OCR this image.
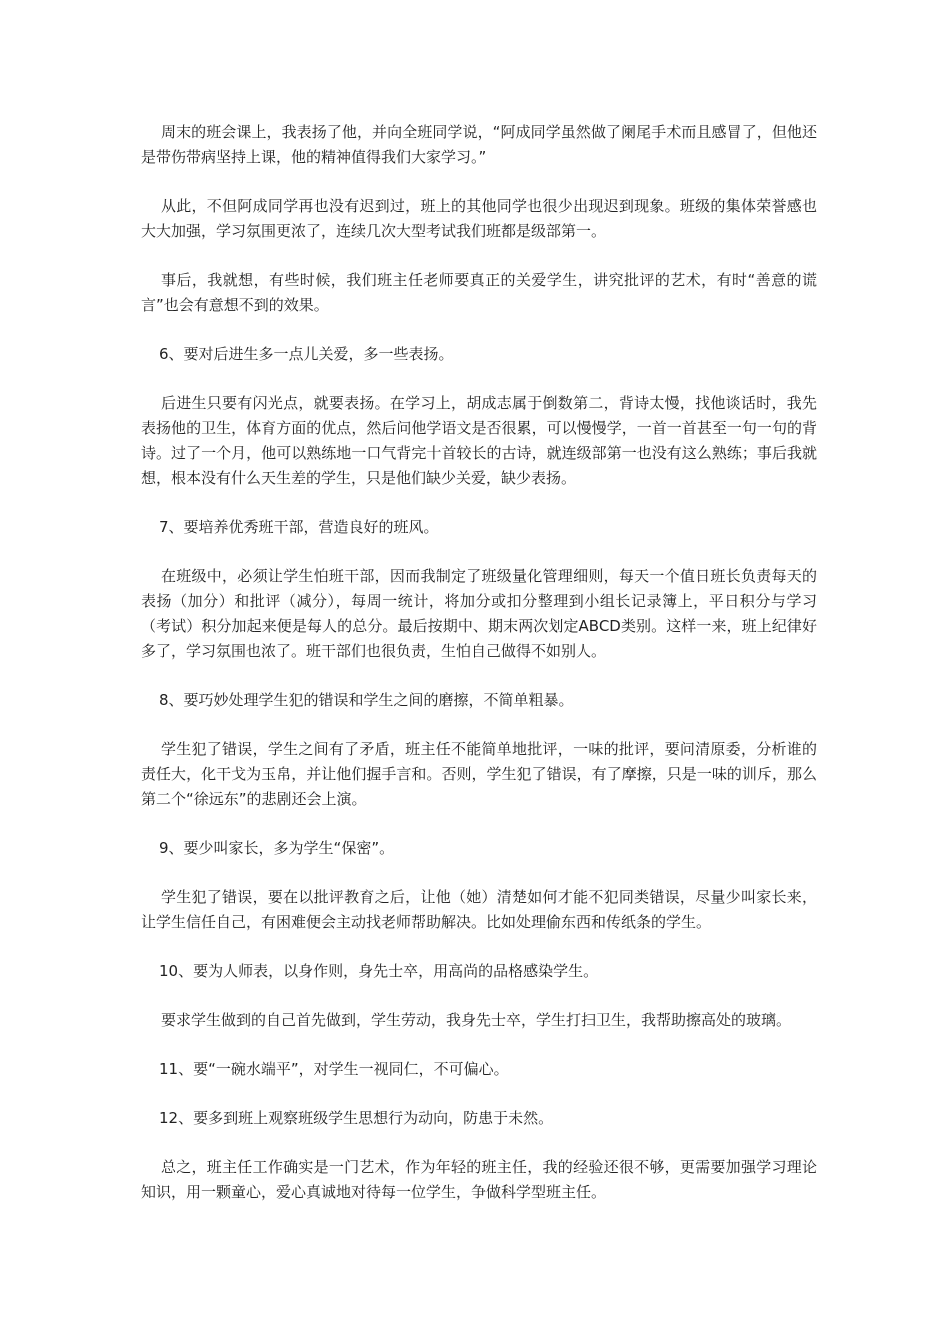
周末的班会课上，我表扬了他，并向全班同学说，“阿成同学虽然做了阑尾手术而且感冒了，但他还是带伤带病坚持上课，他的精神值得我们大家学习。”

从此，不但阿成同学再也没有迟到过，班上的其他同学也很少出现迟到现象。班级的集体荣誉感也大大加强，学习氛围更浓了，连续几次大型考试我们班都是级部第一。

事后，我就想，有些时候，我们班主任老师要真正的关爱学生，讲究批评的艺术，有时“善意的谎言”也会有意想不到的效果。

6、要对后进生多一点儿关爱，多一些表扬。

后进生只要有闪光点，就要表扬。在学习上，胡成志属于倒数第二，背诗太慢，找他谈话时，我先表扬他的卫生，体育方面的优点，然后问他学语文是否很累，可以慢慢学，一首一首甚至一句一句的背诗。过了一个月，他可以熟练地一口气背完十首较长的古诗，就连级部第一也没有这么熟练；事后我就想，根本没有什么天生差的学生，只是他们缺少关爱，缺少表扬。

7、要培养优秀班干部，营造良好的班风。

在班级中，必须让学生怕班干部，因而我制定了班级量化管理细则，每天一个值日班长负责每天的表扬（加分）和批评（减分），每周一统计，将加分或扣分整理到小组长记录簿上，平日积分与学习（考试）积分加起来便是每人的总分。最后按期中、期末两次划定ABCD类别。这样一来，班上纪律好多了，学习氛围也浓了。班干部们也很负责，生怕自己做得不如别人。

8、要巧妙处理学生犯的错误和学生之间的磨擦，不简单粗暴。

学生犯了错误，学生之间有了矛盾，班主任不能简单地批评，一味的批评，要问清原委，分析谁的责任大，化干戈为玉帛，并让他们握手言和。否则，学生犯了错误，有了摩擦，只是一味的训斥，那么第二个“徐远东”的悲剧还会上演。

9、要少叫家长，多为学生“保密”。

学生犯了错误，要在以批评教育之后，让他（她）清楚如何才能不犯同类错误，尽量少叫家长来，让学生信任自己，有困难便会主动找老师帮助解决。比如处理偷东西和传纸条的学生。

10、要为人师表，以身作则，身先士卒，用高尚的品格感染学生。

要求学生做到的自己首先做到，学生劳动，我身先士卒，学生打扫卫生，我帮助擦高处的玻璃。

11、要“一碗水端平”，对学生一视同仁，不可偏心。

12、要多到班上观察班级学生思想行为动向，防患于未然。

总之，班主任工作确实是一门艺术，作为年轻的班主任，我的经验还很不够，更需要加强学习理论知识，用一颗童心，爱心真诚地对待每一位学生，争做科学型班主任。
